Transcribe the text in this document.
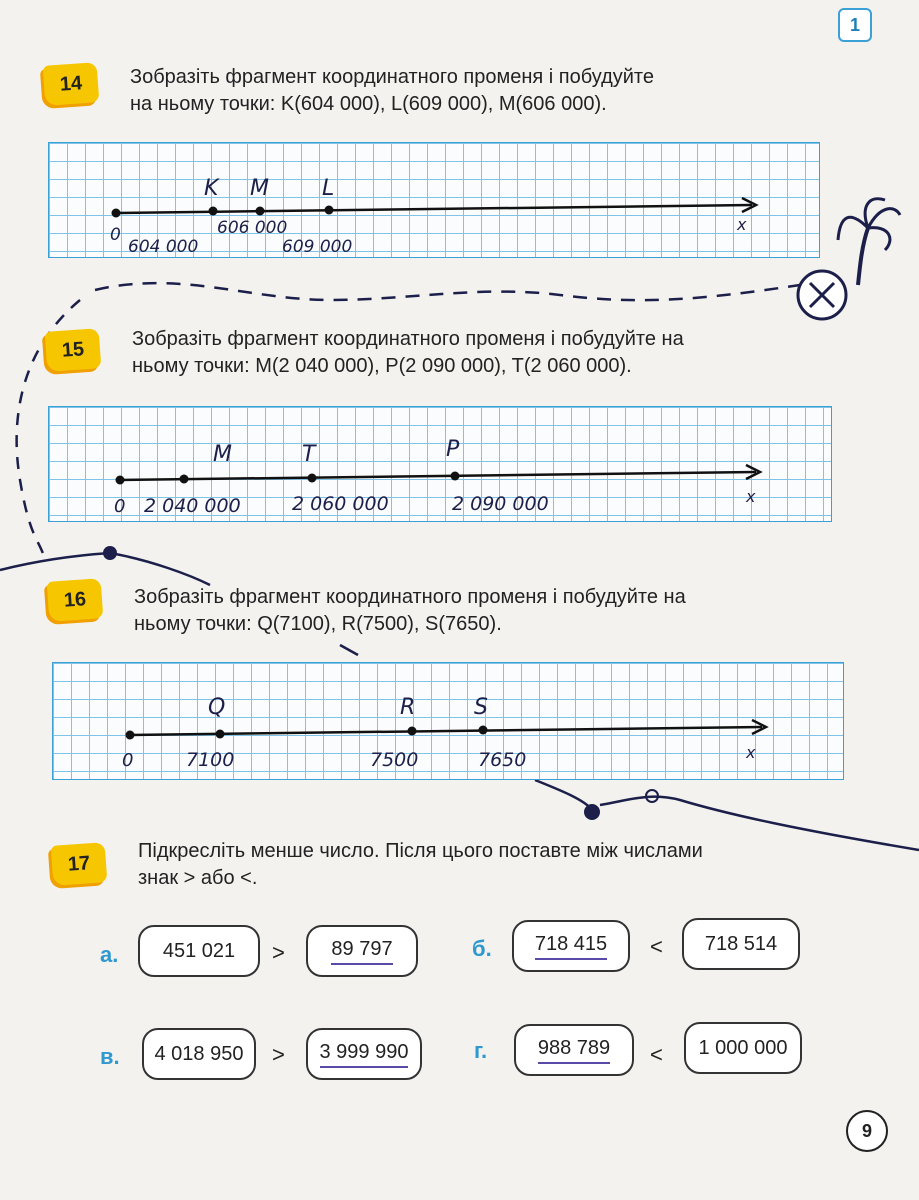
1
14	Зобразіть фрагмент координатного променя і побудуйте
на ньому точки: K(604 000), L(609 000), M(606 000).
K M L
0	606 000
604 000	609 000
x
15	Зобразіть фрагмент координатного променя і побудуйте на
ньому точки: M(2 040 000), P(2 090 000), T(2 060 000).
M	T	P
0 2 040 000	2 060 000	2 090 000	x
16	Зобразіть фрагмент координатного променя і побудуйте на
ньому точки: Q(7100), R(7500), S(7650).
Q	R	S
0	7100	7500	7650	x
17
Підкресліть менше число. Після цього поставте між числами
знак > або <.
а. 451 021 > 89 797	б. 718 415 < 718 514
в. 4 018 950 > 3 999 990	г.	988 789 < 1 000 000
9
